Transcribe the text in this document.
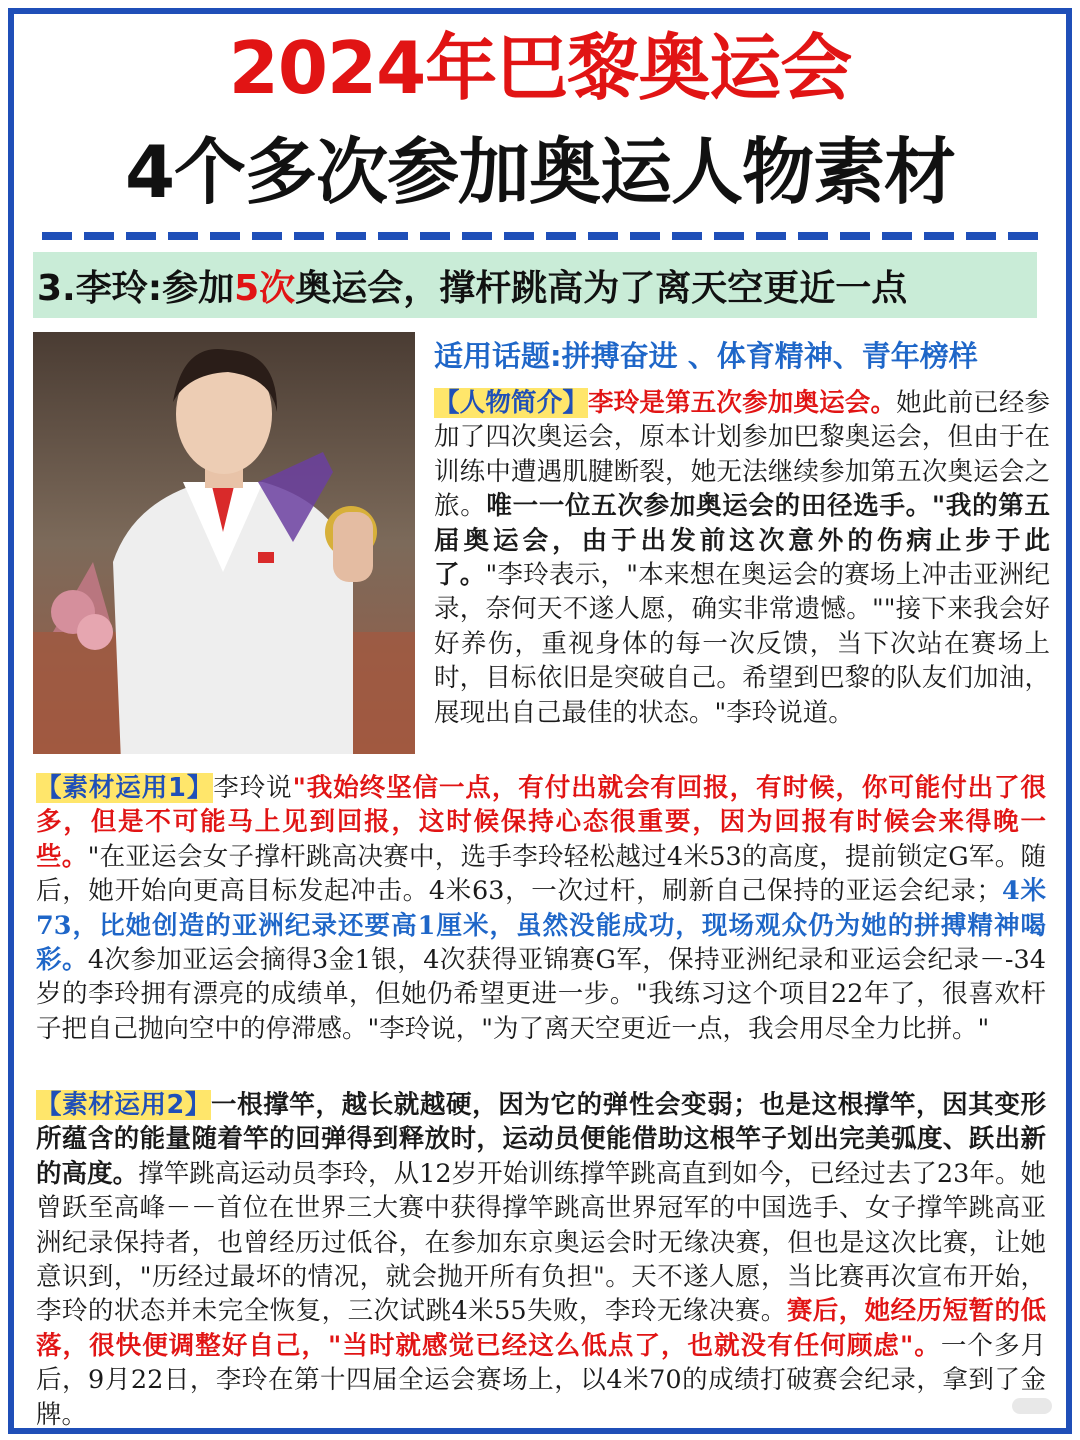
2024年巴黎奥运会
4个多次参加奥运人物素材
3.李玲:参加 5次 奥运会，撑杆跳高为了离天空更近一点
适用话题:拼搏奋进 、体育精神、青年榜样
【人物简介】李玲是第五次参加奥运会。她此前已经参加了四次奥运会，原本计划参加巴黎奥运会，但由于在训练中遭遇肌腱断裂，她无法继续参加第五次奥运会之旅。唯一一位五次参加奥运会的田径选手。"我的第五届奥运会，由于出发前这次意外的伤病止步于此了。"李玲表示，"本来想在奥运会的赛场上冲击亚洲纪录，奈何天不遂人愿，确实非常遗憾。""接下来我会好好养伤，重视身体的每一次反馈，当下次站在赛场上时，目标依旧是突破自己。希望到巴黎的队友们加油，展现出自己最佳的状态。"李玲说道。
【素材运用1】李玲说"我始终坚信一点，有付出就会有回报，有时候，你可能付出了很多，但是不可能马上见到回报，这时候保持心态很重要，因为回报有时候会来得晚一些。"在亚运会女子撑杆跳高决赛中，选手李玲轻松越过4米53的高度，提前锁定G军。随后，她开始向更高目标发起冲击。4米63，一次过杆，刷新自己保持的亚运会纪录；4米73，比她创造的亚洲纪录还要高1厘米，虽然没能成功，现场观众仍为她的拼搏精神喝彩。4次参加亚运会摘得3金1银，4次获得亚锦赛G军，保持亚洲纪录和亚运会纪录－-34岁的李玲拥有漂亮的成绩单，但她仍希望更进一步。"我练习这个项目22年了，很喜欢杆子把自己抛向空中的停滞感。"李玲说，"为了离天空更近一点，我会用尽全力比拼。"
【素材运用2】一根撑竿，越长就越硬，因为它的弹性会变弱；也是这根撑竿，因其变形所蕴含的能量随着竿的回弹得到释放时，运动员便能借助这根竿子划出完美弧度、跃出新的高度。撑竿跳高运动员李玲，从12岁开始训练撑竿跳高直到如今，已经过去了23年。她曾跃至高峰－－首位在世界三大赛中获得撑竿跳高世界冠军的中国选手、女子撑竿跳高亚洲纪录保持者，也曾经历过低谷，在参加东京奥运会时无缘决赛，但也是这次比赛，让她意识到，"历经过最坏的情况，就会抛开所有负担"。天不遂人愿，当比赛再次宣布开始，李玲的状态并未完全恢复，三次试跳4米55失败，李玲无缘决赛。赛后，她经历短暂的低落，很快便调整好自己，"当时就感觉已经这么低点了，也就没有任何顾虑"。一个多月后，9月22日，李玲在第十四届全运会赛场上，以4米70的成绩打破赛会纪录，拿到了金牌。
